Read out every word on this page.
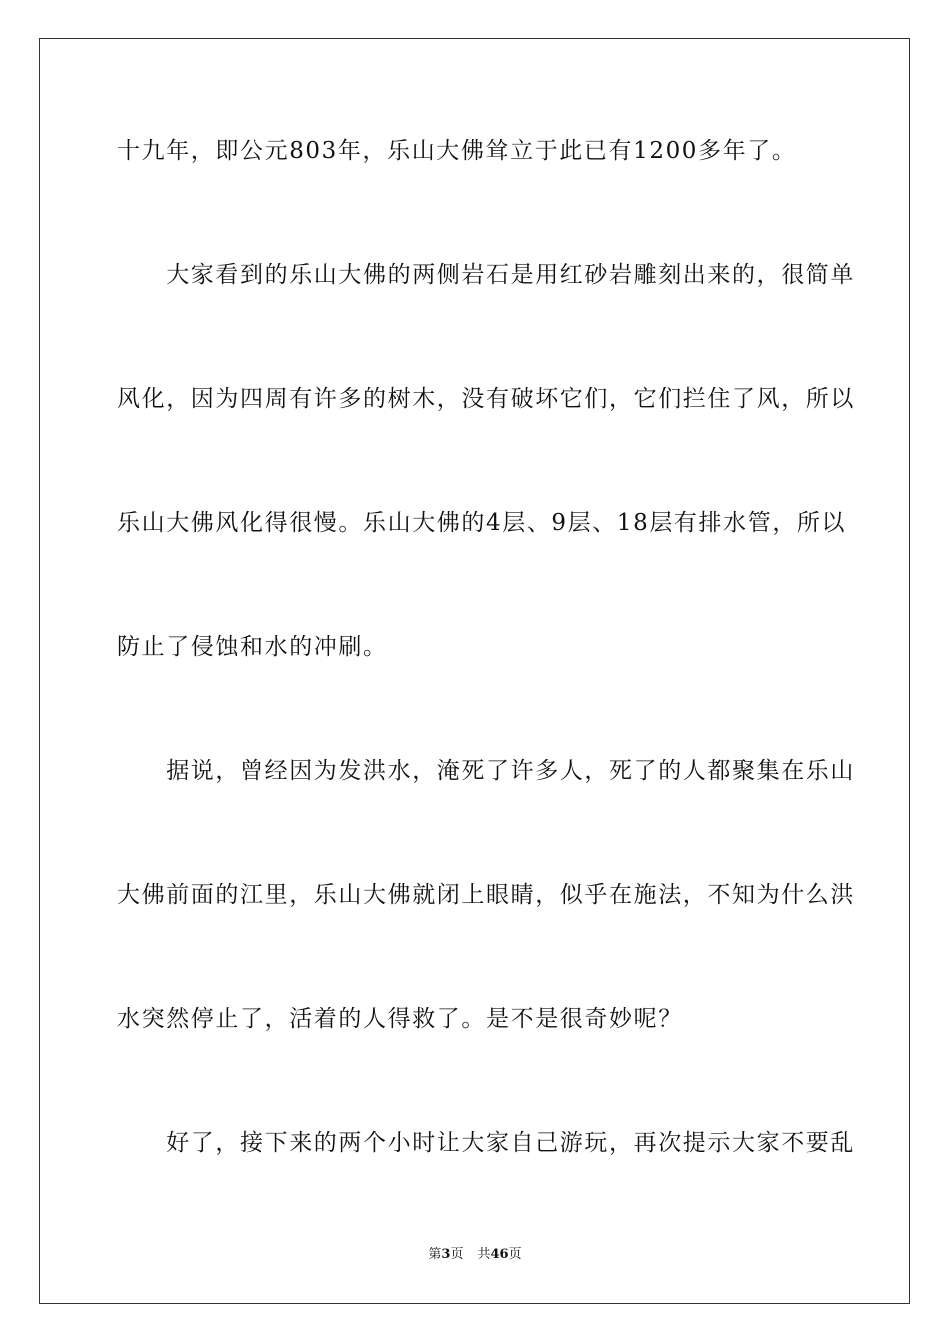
十九年，即公元803年，乐山大佛耸立于此已有1200多年了。
　　大家看到的乐山大佛的两侧岩石是用红砂岩雕刻出来的，很简单
风化，因为四周有许多的树木，没有破坏它们，它们拦住了风，所以
乐山大佛风化得很慢。乐山大佛的4层、9层、18层有排水管，所以
防止了侵蚀和水的冲刷。
　　据说，曾经因为发洪水，淹死了许多人，死了的人都聚集在乐山
大佛前面的江里，乐山大佛就闭上眼睛，似乎在施法，不知为什么洪
水突然停止了，活着的人得救了。是不是很奇妙呢？
　　好了，接下来的两个小时让大家自己游玩，再次提示大家不要乱
第3页 共46页
